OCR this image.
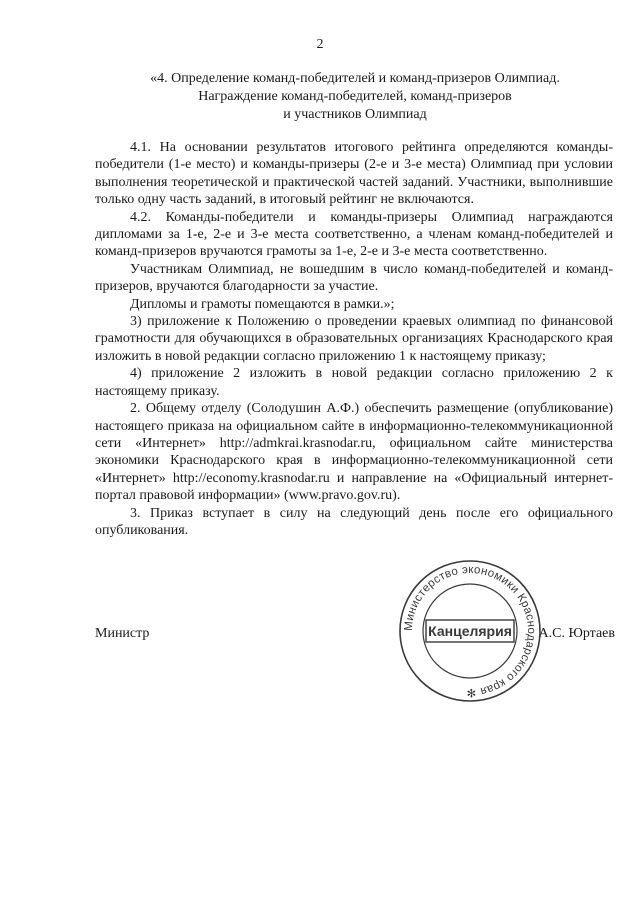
2
«4. Определение команд-победителей и команд-призеров Олимпиад.
Награждение команд-победителей, команд-призеров
и участников Олимпиад

4.1. На основании результатов итогового рейтинга определяются команды-победители (1-е место) и команды-призеры (2-е и 3-е места) Олимпиад при условии выполнения теоретической и практической частей заданий. Участники, выполнившие только одну часть заданий, в итоговый рейтинг не включаются.

4.2. Команды-победители и команды-призеры Олимпиад награждаются дипломами за 1-е, 2-е и 3-е места соответственно, а членам команд-победителей и команд-призеров вручаются грамоты за 1-е, 2-е и 3-е места соответственно.

Участникам Олимпиад, не вошедшим в число команд-победителей и команд-призеров, вручаются благодарности за участие.

Дипломы и грамоты помещаются в рамки.»;

3) приложение к Положению о проведении краевых олимпиад по финансовой грамотности для обучающихся в образовательных организациях Краснодарского края изложить в новой редакции согласно приложению 1 к настоящему приказу;

4) приложение 2 изложить в новой редакции согласно приложению 2 к настоящему приказу.

2. Общему отделу (Солодушин А.Ф.) обеспечить размещение (опубликование) настоящего приказа на официальном сайте в информационно-телекоммуникационной сети «Интернет» http://admkrai.krasnodar.ru, официальном сайте министерства экономики Краснодарского края в информационно-телекоммуникационной сети «Интернет» http://economy.krasnodar.ru и направление на «Официальный интернет-портал правовой информации» (www.pravo.gov.ru).

3. Приказ вступает в силу на следующий день после его официального опубликования.

Министр	А.С. Юртаев
Министерство экономики Краснодарского края ✻
Канцелярия
